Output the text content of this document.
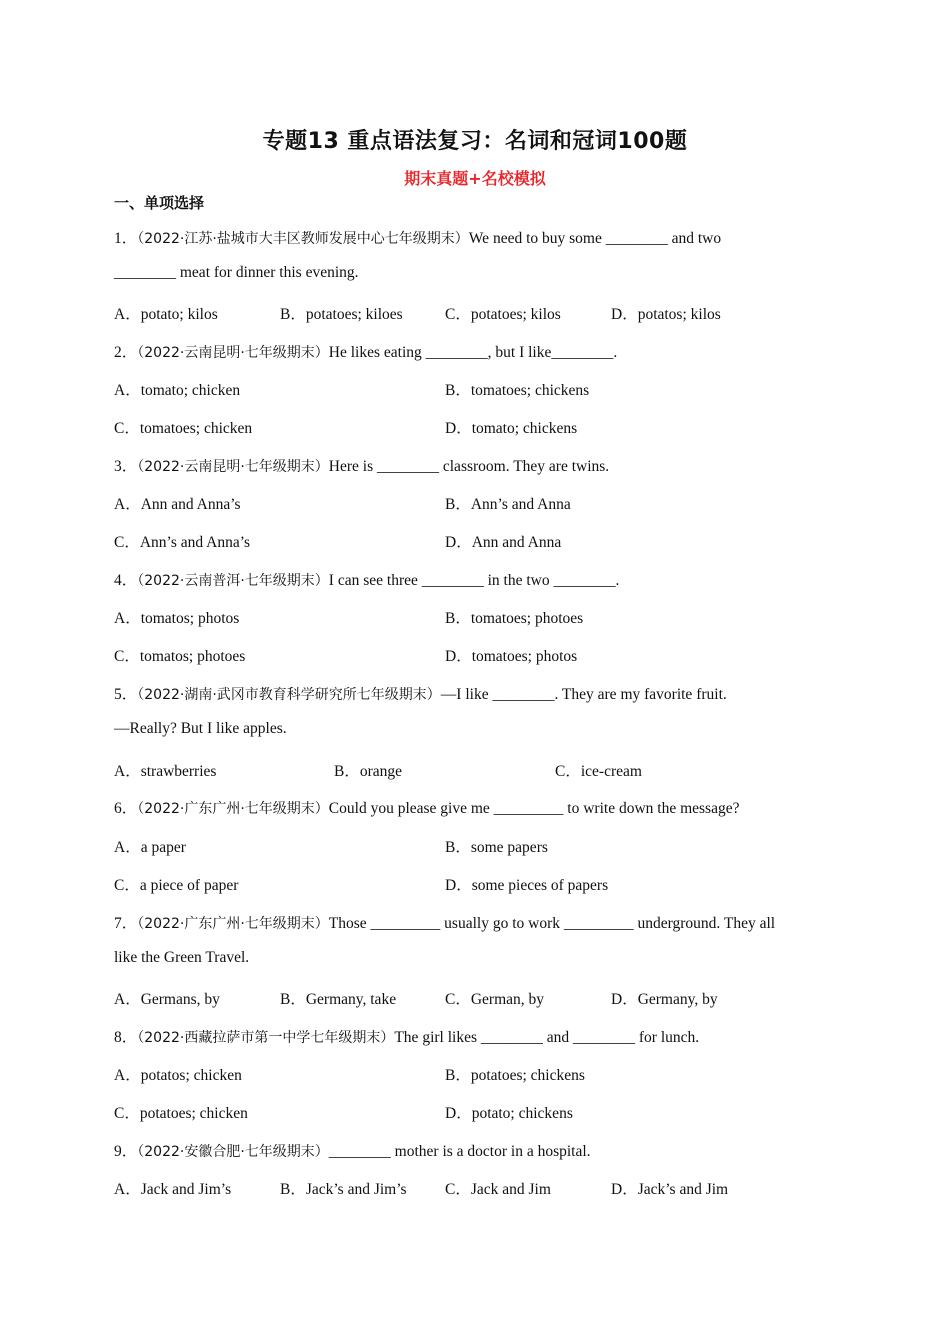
专题13 重点语法复习：名词和冠词100题
期末真题+名校模拟
一、单项选择
1．（2022·江苏·盐城市大丰区教师发展中心七年级期末）We need to buy some ________ and two
________ meat for dinner this evening.
A．potato; kilos	B．potatoes; kiloes	C．potatoes; kilos	D．potatos; kilos
2．（2022·云南昆明·七年级期末）He likes eating ________, but I like________.
A．tomato; chicken	B．tomatoes; chickens
C．tomatoes; chicken	D．tomato; chickens
3．（2022·云南昆明·七年级期末）Here is ________ classroom. They are twins.
A．Ann and Anna’s	B．Ann’s and Anna
C．Ann’s and Anna’s	D．Ann and Anna
4．（2022·云南普洱·七年级期末）I can see three ________ in the two ________.
A．tomatos; photos	B．tomatoes; photoes
C．tomatos; photoes	D．tomatoes; photos
5．（2022·湖南·武冈市教育科学研究所七年级期末）—I like ________. They are my favorite fruit.
—Really? But I like apples.
A．strawberries	B．orange	C．ice-cream
6．（2022·广东广州·七年级期末）Could you please give me _________ to write down the message?
A．a paper	B．some papers
C．a piece of paper	D．some pieces of papers
7．（2022·广东广州·七年级期末）Those _________ usually go to work _________ underground. They all
like the Green Travel.
A．Germans, by	B．Germany, take	C．German, by	D．Germany, by
8．（2022·西藏拉萨市第一中学七年级期末）The girl likes ________ and ________ for lunch.
A．potatos; chicken	B．potatoes; chickens
C．potatoes; chicken	D．potato; chickens
9．（2022·安徽合肥·七年级期末）________ mother is a doctor in a hospital.
A．Jack and Jim’s	B．Jack’s and Jim’s C．Jack and Jim	D．Jack’s and Jim
